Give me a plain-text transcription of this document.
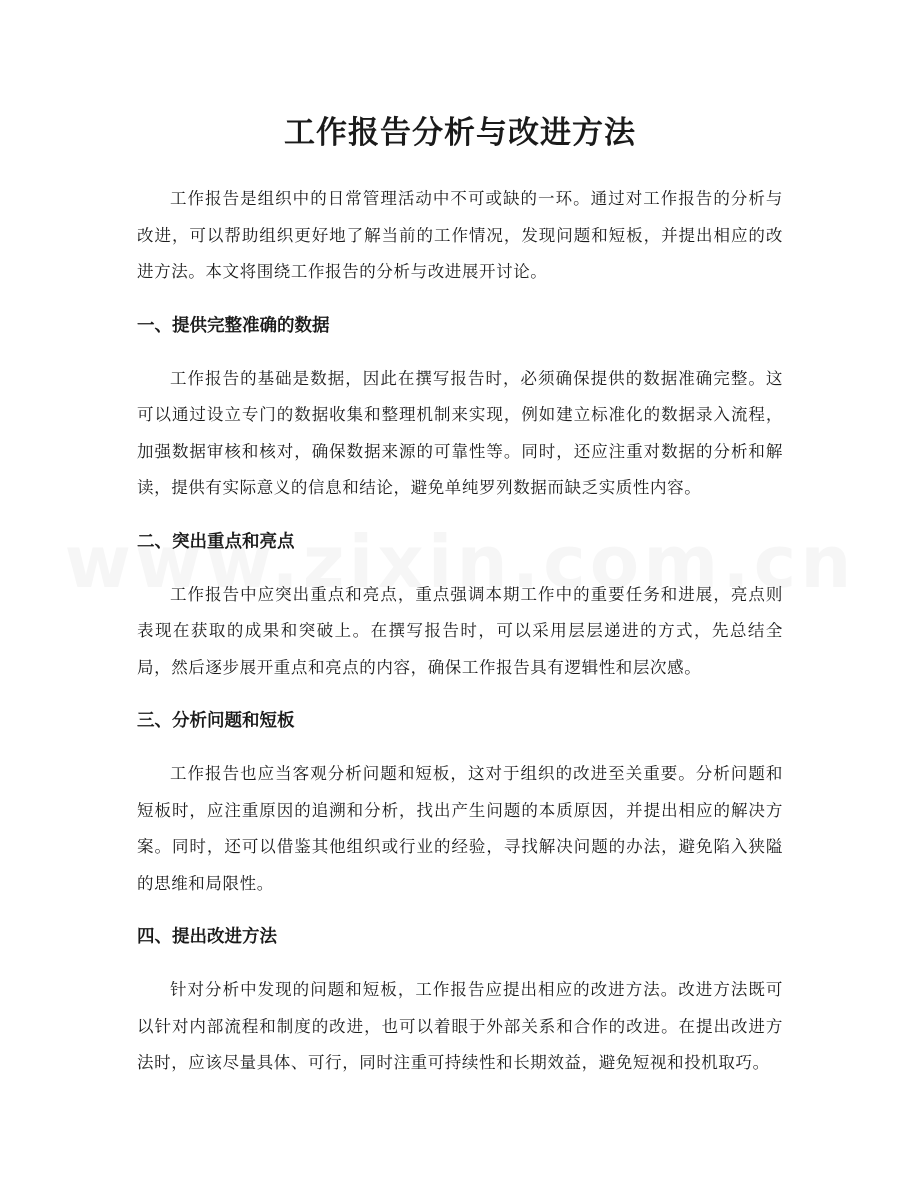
工作报告分析与改进方法

工作报告是组织中的日常管理活动中不可或缺的一环。通过对工作报告的分析与改进，可以帮助组织更好地了解当前的工作情况，发现问题和短板，并提出相应的改进方法。本文将围绕工作报告的分析与改进展开讨论。

一、提供完整准确的数据

工作报告的基础是数据，因此在撰写报告时，必须确保提供的数据准确完整。这可以通过设立专门的数据收集和整理机制来实现，例如建立标准化的数据录入流程，加强数据审核和核对，确保数据来源的可靠性等。同时，还应注重对数据的分析和解读，提供有实际意义的信息和结论，避免单纯罗列数据而缺乏实质性内容。

二、突出重点和亮点

工作报告中应突出重点和亮点，重点强调本期工作中的重要任务和进展，亮点则表现在获取的成果和突破上。在撰写报告时，可以采用层层递进的方式，先总结全局，然后逐步展开重点和亮点的内容，确保工作报告具有逻辑性和层次感。

三、分析问题和短板

工作报告也应当客观分析问题和短板，这对于组织的改进至关重要。分析问题和短板时，应注重原因的追溯和分析，找出产生问题的本质原因，并提出相应的解决方案。同时，还可以借鉴其他组织或行业的经验，寻找解决问题的办法，避免陷入狭隘的思维和局限性。

四、提出改进方法

针对分析中发现的问题和短板，工作报告应提出相应的改进方法。改进方法既可以针对内部流程和制度的改进，也可以着眼于外部关系和合作的改进。在提出改进方法时，应该尽量具体、可行，同时注重可持续性和长期效益，避免短视和投机取巧。
